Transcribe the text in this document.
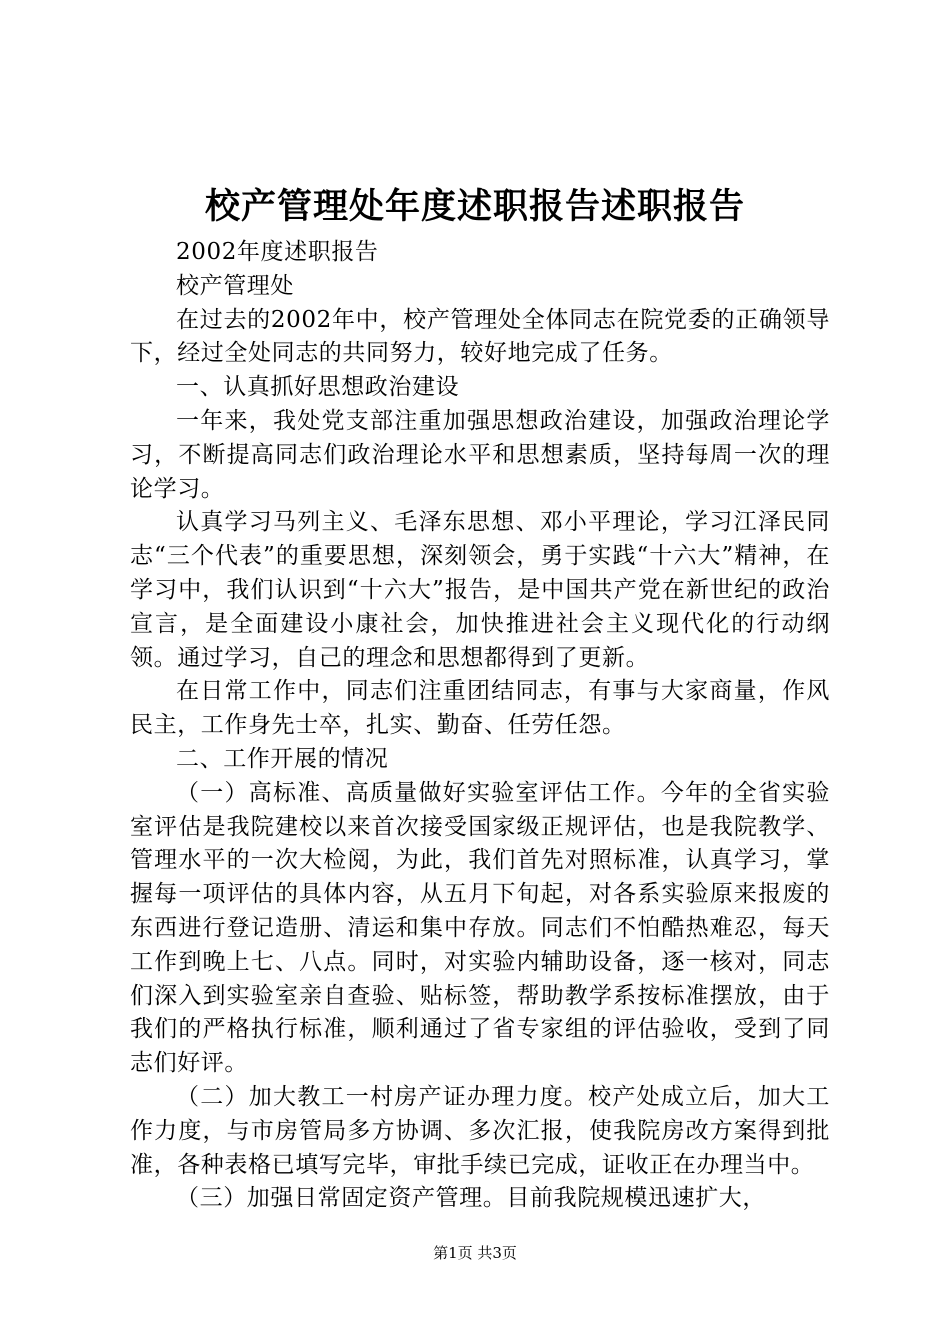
校产管理处年度述职报告述职报告

2002年度述职报告

校产管理处

在过去的2002年中，校产管理处全体同志在院党委的正确领导下，经过全处同志的共同努力，较好地完成了任务。

一、认真抓好思想政治建设

一年来，我处党支部注重加强思想政治建设，加强政治理论学习，不断提高同志们政治理论水平和思想素质，坚持每周一次的理论学习。

认真学习马列主义、毛泽东思想、邓小平理论，学习江泽民同志“三个代表”的重要思想，深刻领会，勇于实践“十六大”精神，在学习中，我们认识到“十六大”报告，是中国共产党在新世纪的政治宣言，是全面建设小康社会，加快推进社会主义现代化的行动纲领。通过学习，自己的理念和思想都得到了更新。

在日常工作中，同志们注重团结同志，有事与大家商量，作风民主，工作身先士卒，扎实、勤奋、任劳任怨。

二、工作开展的情况

（一）高标准、高质量做好实验室评估工作。今年的全省实验室评估是我院建校以来首次接受国家级正规评估，也是我院教学、管理水平的一次大检阅，为此，我们首先对照标准，认真学习，掌握每一项评估的具体内容，从五月下旬起，对各系实验原来报废的东西进行登记造册、清运和集中存放。同志们不怕酷热难忍，每天工作到晚上七、八点。同时，对实验内辅助设备，逐一核对，同志们深入到实验室亲自查验、贴标签，帮助教学系按标准摆放，由于我们的严格执行标准，顺利通过了省专家组的评估验收，受到了同志们好评。

（二）加大教工一村房产证办理力度。校产处成立后，加大工作力度，与市房管局多方协调、多次汇报，使我院房改方案得到批准，各种表格已填写完毕，审批手续已完成，证收正在办理当中。

（三）加强日常固定资产管理。目前我院规模迅速扩大，

第1页 共3页
